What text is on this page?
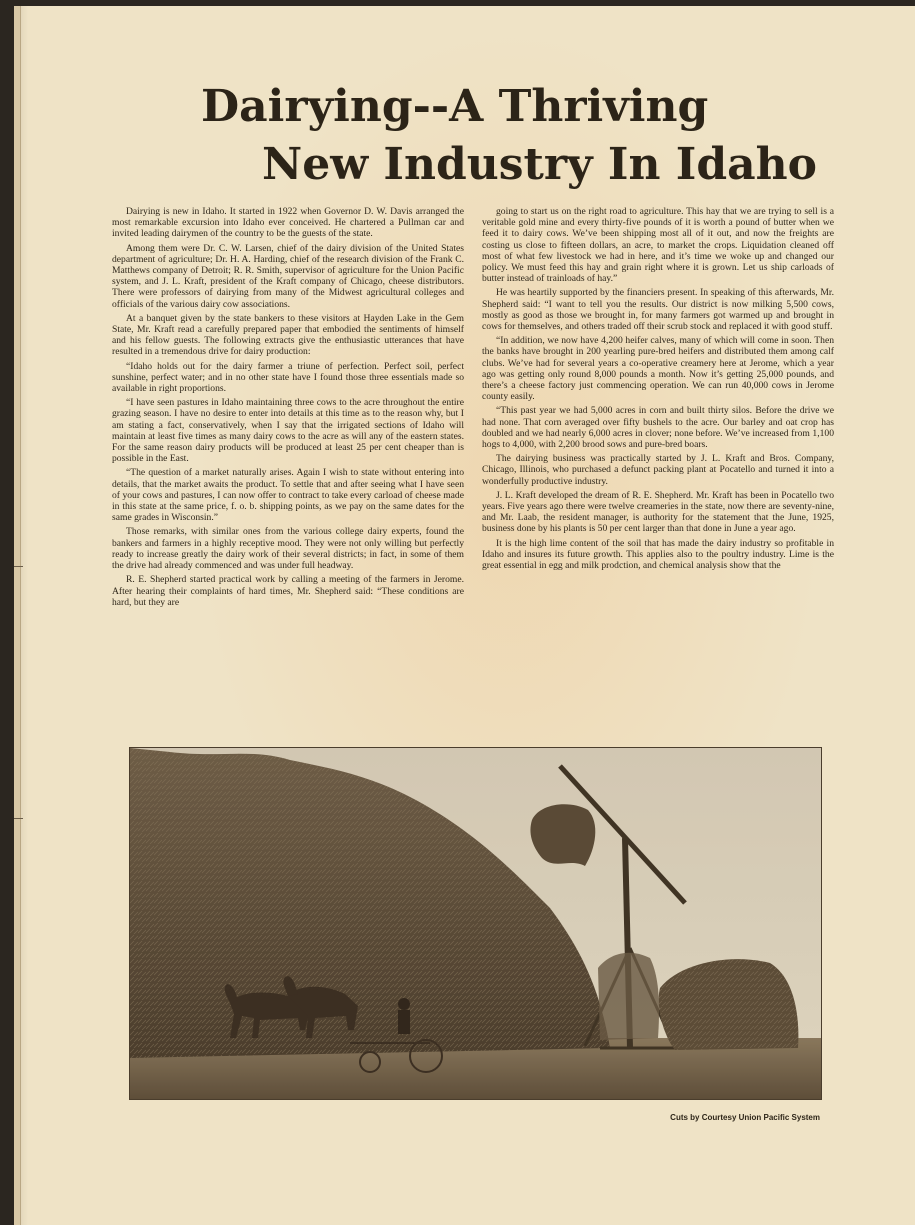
Dairying--A Thriving
New Industry In Idaho

Dairying is new in Idaho. It started in 1922 when Governor D. W. Davis arranged the most remarkable excursion into Idaho ever conceived. He chartered a Pullman car and invited leading dairymen of the country to be the guests of the state.

Among them were Dr. C. W. Larsen, chief of the dairy division of the United States department of agriculture; Dr. H. A. Harding, chief of the research division of the Frank C. Matthews company of Detroit; R. R. Smith, supervisor of agriculture for the Union Pacific system, and J. L. Kraft, president of the Kraft company of Chicago, cheese distributors. There were professors of dairying from many of the Midwest agricultural colleges and officials of the various dairy cow associations.

At a banquet given by the state bankers to these visitors at Hayden Lake in the Gem State, Mr. Kraft read a carefully prepared paper that embodied the sentiments of himself and his fellow guests. The following extracts give the enthusiastic utterances that have resulted in a tremendous drive for dairy production:

“Idaho holds out for the dairy farmer a triune of perfection. Perfect soil, perfect sunshine, perfect water; and in no other state have I found those three essentials made so available in right proportions.

“I have seen pastures in Idaho maintaining three cows to the acre throughout the entire grazing season. I have no desire to enter into details at this time as to the reason why, but I am stating a fact, conservatively, when I say that the irrigated sections of Idaho will maintain at least five times as many dairy cows to the acre as will any of the eastern states. For the same reason dairy products will be produced at least 25 per cent cheaper than is possible in the East.

“The question of a market naturally arises. Again I wish to state without entering into details, that the market awaits the product. To settle that and after seeing what I have seen of your cows and pastures, I can now offer to contract to take every carload of cheese made in this state at the same price, f. o. b. shipping points, as we pay on the same dates for the same grades in Wisconsin.”

Those remarks, with similar ones from the various college dairy experts, found the bankers and farmers in a highly receptive mood. They were not only willing but perfectly ready to increase greatly the dairy work of their several districts; in fact, in some of them the drive had already commenced and was under full headway.

R. E. Shepherd started practical work by calling a meeting of the farmers in Jerome. After hearing their complaints of hard times, Mr. Shepherd said: “These conditions are hard, but they are

going to start us on the right road to agriculture. This hay that we are trying to sell is a veritable gold mine and every thirty-five pounds of it is worth a pound of butter when we feed it to dairy cows. We’ve been shipping most all of it out, and now the freights are costing us close to fifteen dollars, an acre, to market the crops. Liquidation cleaned off most of what few livestock we had in here, and it’s time we woke up and changed our policy. We must feed this hay and grain right where it is grown. Let us ship carloads of butter instead of trainloads of hay.”

He was heartily supported by the financiers present. In speaking of this afterwards, Mr. Shepherd said: “I want to tell you the results. Our district is now milking 5,500 cows, mostly as good as those we brought in, for many farmers got warmed up and brought in cows for themselves, and others traded off their scrub stock and replaced it with good stuff.

“In addition, we now have 4,200 heifer calves, many of which will come in soon. Then the banks have brought in 200 yearling pure-bred heifers and distributed them among calf clubs. We’ve had for several years a co-operative creamery here at Jerome, which a year ago was getting only round 8,000 pounds a month. Now it’s getting 25,000 pounds, and there’s a cheese factory just commencing operation. We can run 40,000 cows in Jerome county easily.

“This past year we had 5,000 acres in corn and built thirty silos. Before the drive we had none. That corn averaged over fifty bushels to the acre. Our barley and oat crop has doubled and we had nearly 6,000 acres in clover; none before. We’ve increased from 1,100 hogs to 4,000, with 2,200 brood sows and pure-bred boars.

The dairying business was practically started by J. L. Kraft and Bros. Company, Chicago, Illinois, who purchased a defunct packing plant at Pocatello and turned it into a wonderfully productive industry.

J. L. Kraft developed the dream of R. E. Shepherd. Mr. Kraft has been in Pocatello two years. Five years ago there were twelve creameries in the state, now there are seventy-nine, and Mr. Laab, the resident manager, is authority for the statement that the June, 1925, business done by his plants is 50 per cent larger than that done in June a year ago.

It is the high lime content of the soil that has made the dairy industry so profitable in Idaho and insures its future growth. This applies also to the poultry industry. Lime is the great essential in egg and milk prodction, and chemical analysis show that the

Cuts by Courtesy Union Pacific System
